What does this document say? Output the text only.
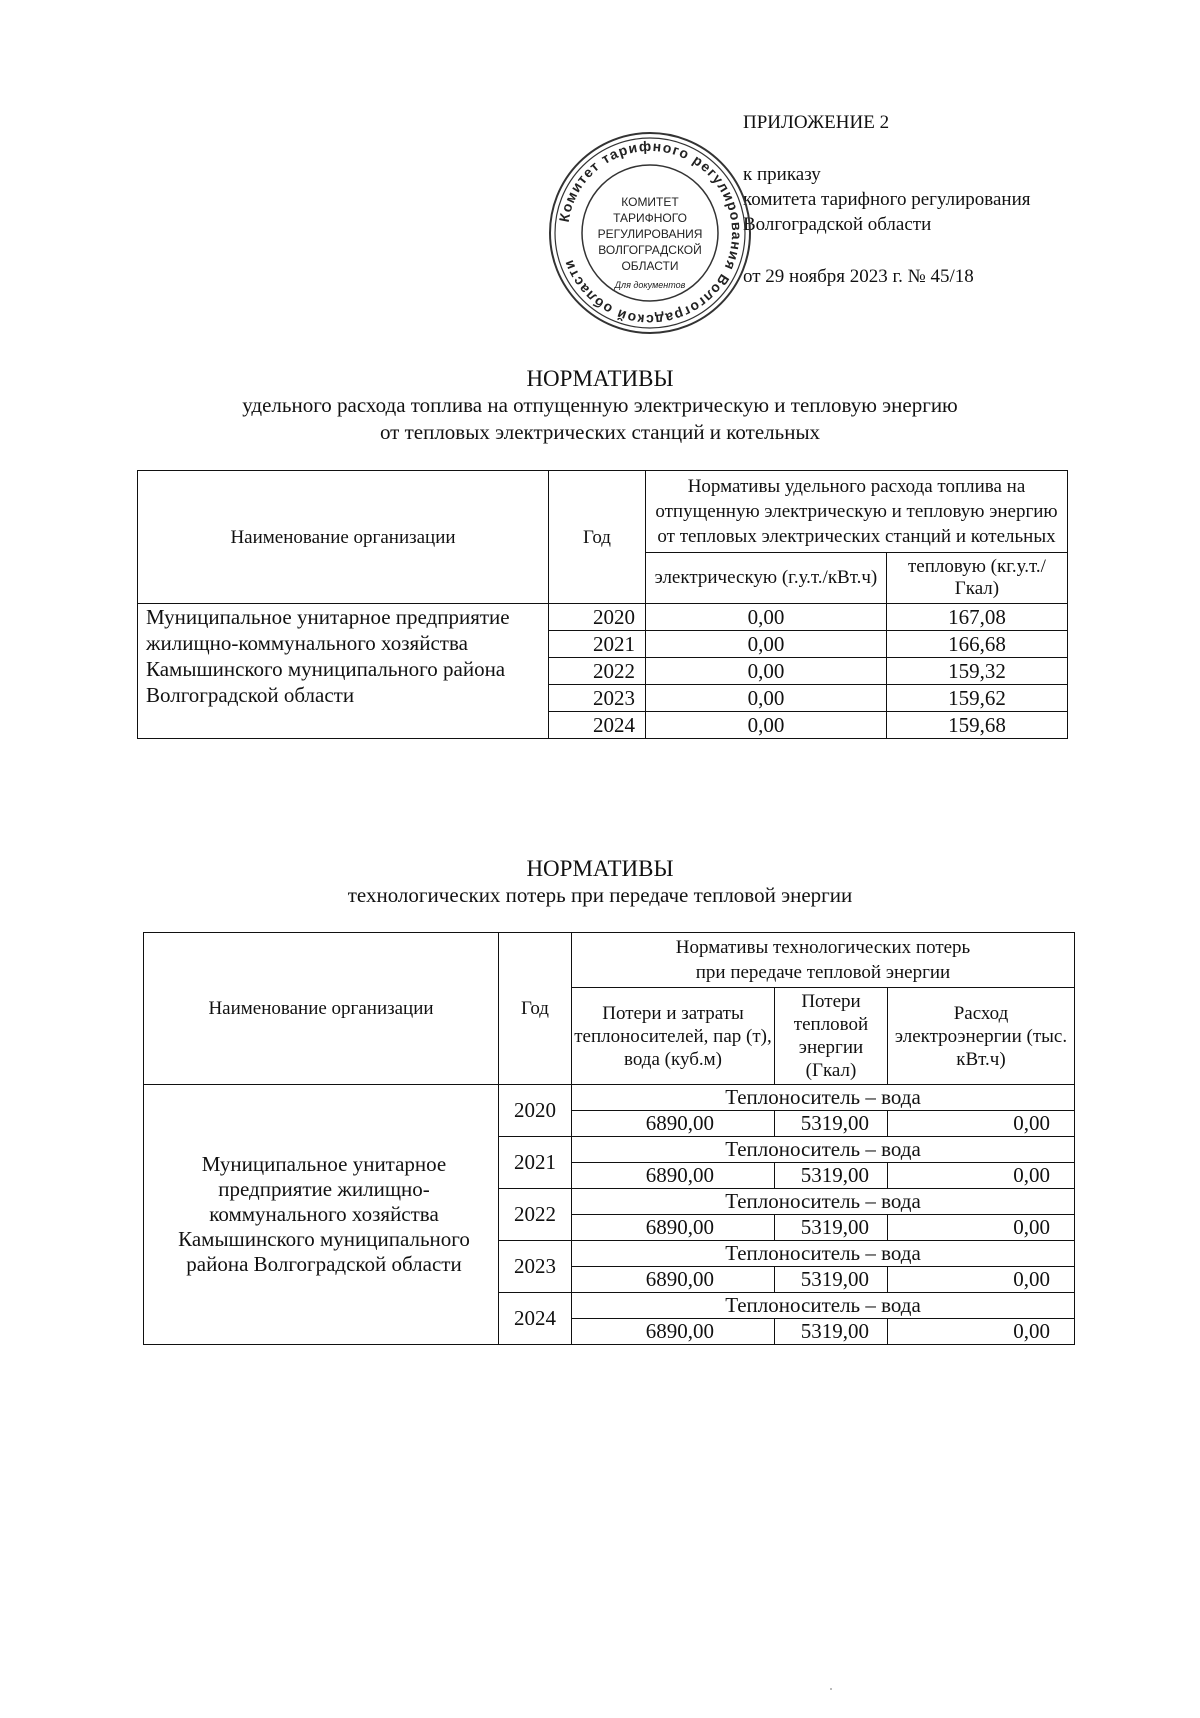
ПРИЛОЖЕНИЕ 2
к приказу
комитета тарифного регулирования
Волгоградской области
от 29 ноября 2023 г. № 45/18
Комитет тарифного регулирования Волгоградской области
КОМИТЕТ
ТАРИФНОГО
РЕГУЛИРОВАНИЯ
ВОЛГОГРАДСКОЙ
ОБЛАСТИ
Для документов
НОРМАТИВЫ
удельного расхода топлива на отпущенную электрическую и тепловую энергию
от тепловых электрических станций и котельных
Наименование организации	Год	Нормативы удельного расхода топлива на отпущенную электрическую и тепловую энергию от тепловых электрических станций и котельных	
		электрическую (г.у.т./кВт.ч)	тепловую (кг.у.т./Гкал)
Муниципальное унитарное предприятие жилищно-коммунального хозяйства Камышинского муниципального района Волгоградской области	2020	0,00	167,08
	2021	0,00	166,68
	2022	0,00	159,32
	2023	0,00	159,62
	2024	0,00	159,68
НОРМАТИВЫ
технологических потерь при передаче тепловой энергии
Наименование организации	Год	Нормативы технологических потерь
при передаче тепловой энергии		

		Потери и затраты теплоносителей, пар (т), вода (куб.м)	Потери тепловой энергии (Гкал)	Расход электроэнергии (тыс. кВт.ч)
Муниципальное унитарное предприятие жилищно-коммунального хозяйства Камышинского муниципального района Волгоградской области	2020	Теплоноситель – вода		
		6890,00	5319,00	0,00
	2021	Теплоноситель – вода		
		6890,00	5319,00	0,00
	2022	Теплоноситель – вода		
		6890,00	5319,00	0,00
	2023	Теплоноситель – вода		
		6890,00	5319,00	0,00
	2024	Теплоноситель – вода		
		6890,00	5319,00	0,00
